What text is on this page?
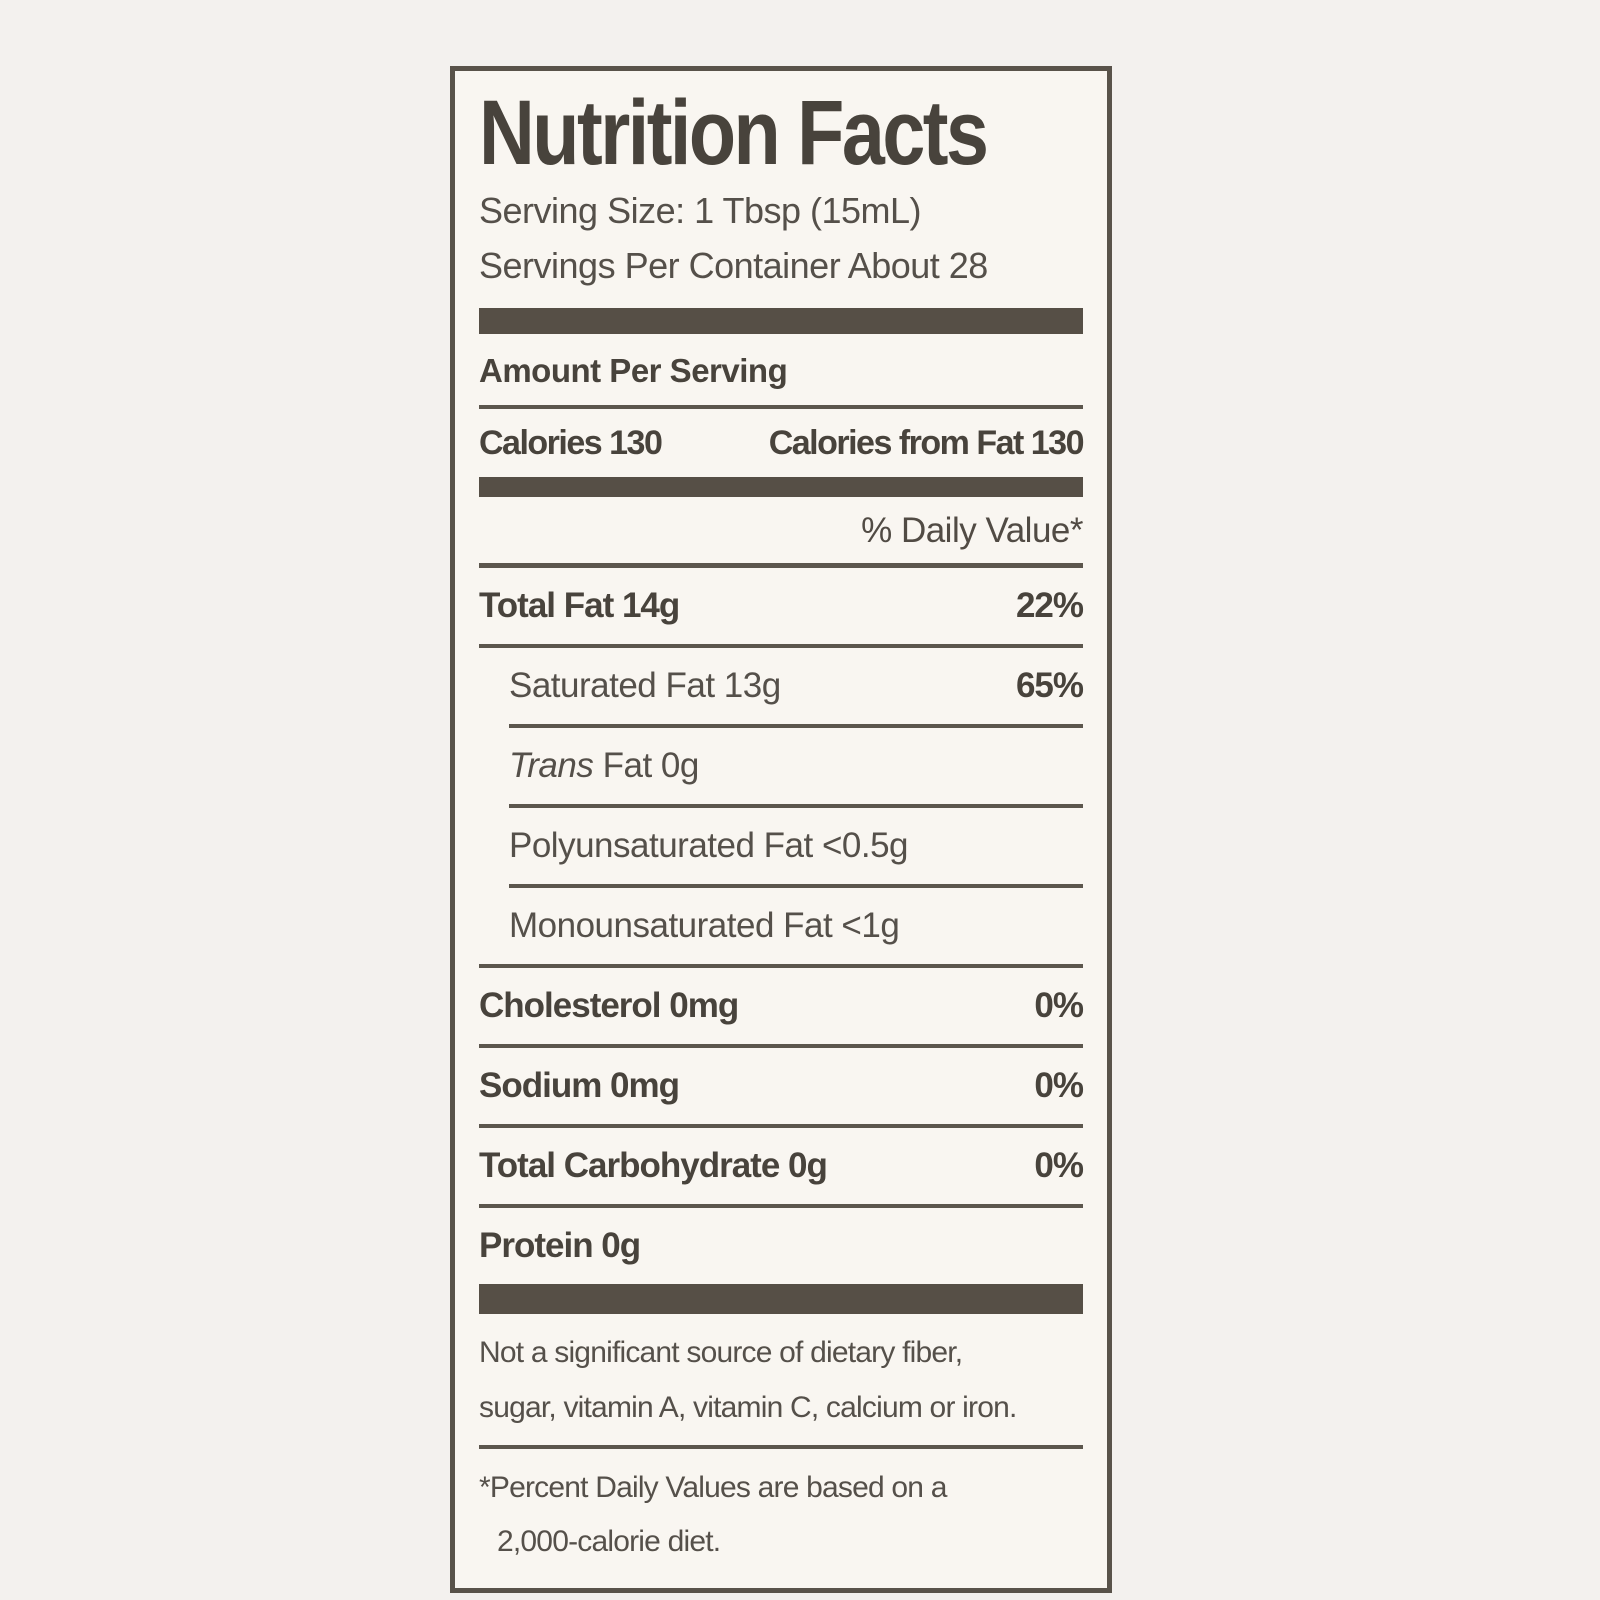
Nutrition Facts
Serving Size: 1 Tbsp (15mL)
Servings Per Container About 28
Amount Per Serving
Calories 130	Calories from Fat 130
% Daily Value*
Total Fat 14g	22%
Saturated Fat 13g	65%
Trans Fat 0g
Polyunsaturated Fat <0.5g
Monounsaturated Fat <1g
Cholesterol 0mg	0%
Sodium 0mg	0%
Total Carbohydrate 0g	0%
Protein 0g
Not a significant source of dietary fiber,
sugar, vitamin A, vitamin C, calcium or iron.
*Percent Daily Values are based on a
2,000-calorie diet.
